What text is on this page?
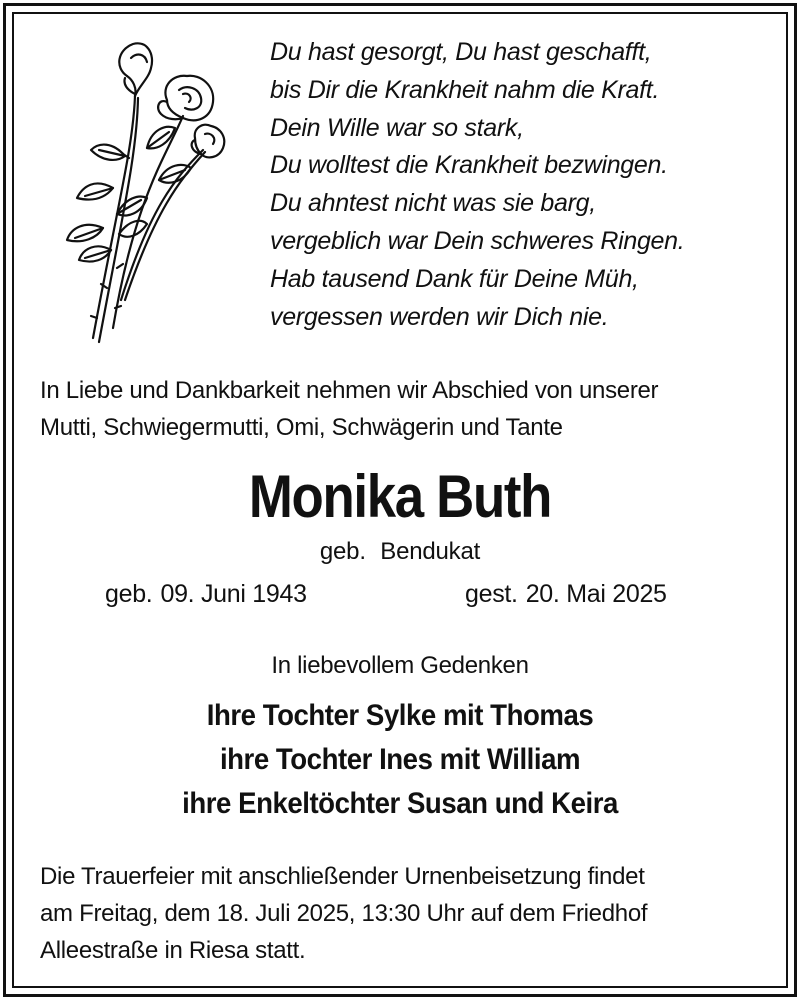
Du hast gesorgt, Du hast geschafft,
bis Dir die Krankheit nahm die Kraft.
Dein Wille war so stark,
Du wolltest die Krankheit bezwingen.
Du ahntest nicht was sie barg,
vergeblich war Dein schweres Ringen.
Hab tausend Dank für Deine Müh,
vergessen werden wir Dich nie.
In Liebe und Dankbarkeit nehmen wir Abschied von unserer
Mutti, Schwiegermutti, Omi, Schwägerin und Tante
Monika Buth
geb. Bendukat
geb. 09. Juni 1943	gest. 20. Mai 2025
In liebevollem Gedenken
Ihre Tochter Sylke mit Thomas
ihre Tochter Ines mit William
ihre Enkeltöchter Susan und Keira
Die Trauerfeier mit anschließender Urnenbeisetzung findet
am Freitag, dem 18. Juli 2025, 13:30 Uhr auf dem Friedhof
Alleestraße in Riesa statt.
